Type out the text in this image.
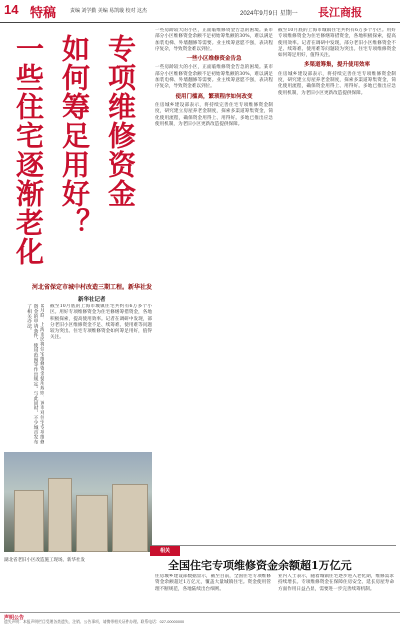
14 特稿	责编 刘学勤 美编 易凯璇 校对 这杰	2024年9月9日 星期一 長江商报
专项维修资金
如何筹足用好？
一些住宅逐渐老化
河北省保定市城中村改造三期工程。新华社发
新华社记者
8月底，上海市民将住宅维修资金使用规则，该市对住宅专项维修资金的申请条件、使用范围等作出规定。与此同时，不少城市发布了相关办法。	截至10月底的上海市城镇住宅共约有6万多个小区。用好专项维修资金为住宅修缮筹措资金，各地积极探索，提高使用效率。记者在调研中发现，部分老旧小区维修资金不足、续筹难、使用难等问题较为突出。住宅专项维修资金如何筹足用好，值得关注。
一些房龄较大的小区，正面临维修资金告急的困境。某市部分小区维修资金余额不足初始筹集额的30%，难以满足加装电梯、外墙翻修等需要。业主续筹意愿不强，表决程序复杂，导致资金难以到位。
一些小区维修资金告急
一些房龄较大的小区，正面临维修资金告急的困境。某市部分小区维修资金余额不足初始筹集额的30%，难以满足加装电梯、外墙翻修等需要。业主续筹意愿不强，表决程序复杂，导致资金难以到位。
使用门槛高，繁琐程序如何改变
住房城乡建设部表示，将持续完善住宅专项维修资金制度，研究建立房屋养老金制度，探索多渠道筹集资金，简化使用流程，确保资金用得上、用得好。多地已推出应急使用机制，为老旧小区更新改造提供保障。
截至10月底的上海市城镇住宅共约有6万多个小区。用好专项维修资金为住宅修缮筹措资金，各地积极探索，提高使用效率。记者在调研中发现，部分老旧小区维修资金不足、续筹难、使用难等问题较为突出。住宅专项维修资金如何筹足用好，值得关注。
多渠道筹集，提升使用效率
住房城乡建设部表示，将持续完善住宅专项维修资金制度，研究建立房屋养老金制度，探索多渠道筹集资金，简化使用流程，确保资金用得上、用得好。多地已推出应急使用机制，为老旧小区更新改造提供保障。
湖北省老旧小区改造施工现场。新华社发
相关
全国住宅专项维修资金余额超1万亿元
住房城乡建设部数据显示，截至目前，全国住宅专项维修资金余额超过1万亿元，覆盖大量城镇住宅。资金使用管理不断规范，各地陆续出台细则。
业内人士表示，随着城镇住宅逐步进入老化期，维修需求持续增长。专项维修资金在保障住房安全、延长房屋寿命方面作用日益凸显，需要进一步完善续筹机制。
声明公告
遗失声明：本报声明栏目受理各类遗失、注销、公告事项，请携带相关证件办理。联系电话：027-00000000
